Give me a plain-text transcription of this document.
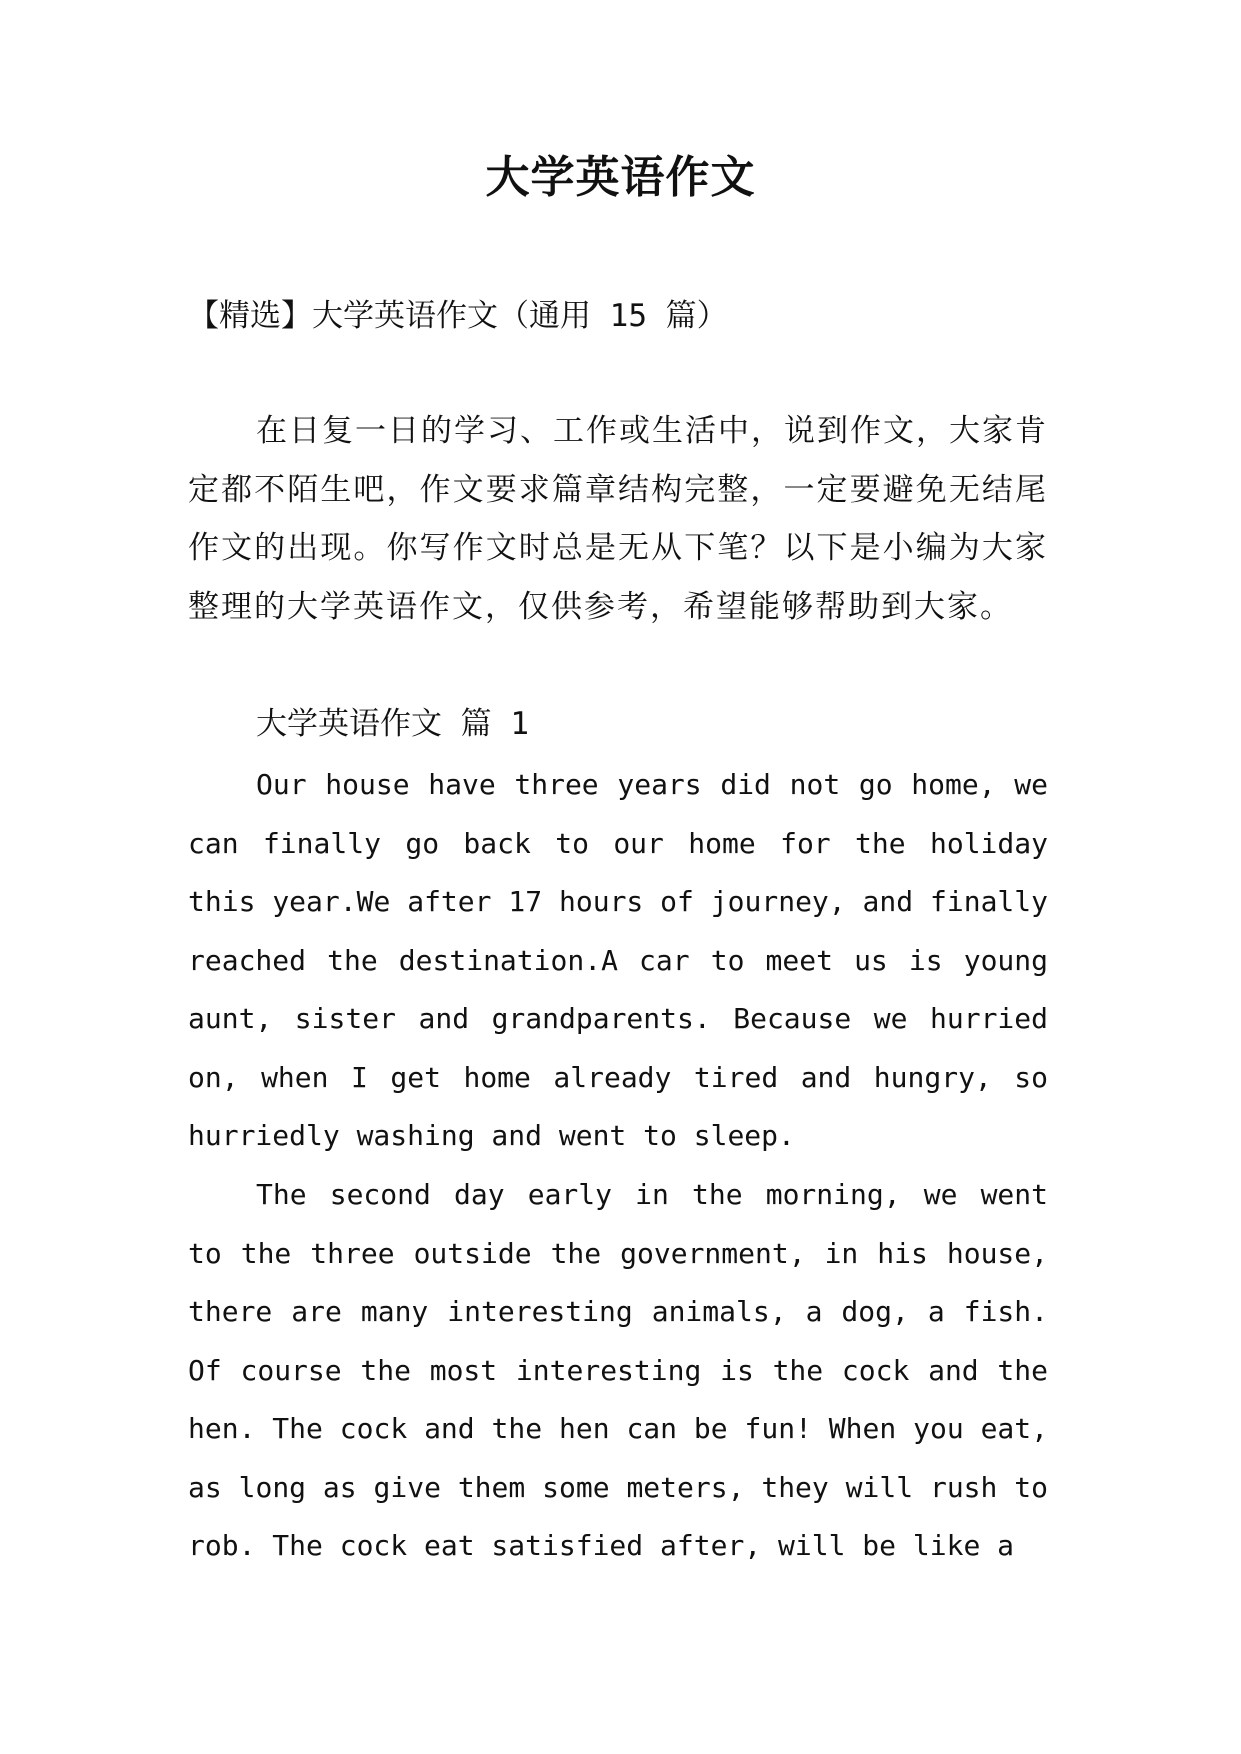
大学英语作文
【精选】大学英语作文（通用 15 篇）

在日复一日的学习、工作或生活中，说到作文，大家肯定都不陌生吧，作文要求篇章结构完整，一定要避免无结尾作文的出现。你写作文时总是无从下笔？以下是小编为大家整理的大学英语作文，仅供参考，希望能够帮助到大家。

大学英语作文 篇 1

Our house have three years did not go home, we can finally go back to our home for the holiday this year.We after 17 hours of journey, and finally reached the destination.A car to meet us is young aunt, sister and grandparents. Because we hurried on, when I get home already tired and hungry, so hurriedly washing and went to sleep.

The second day early in the morning, we went to the three outside the government, in his house, there are many interesting animals, a dog, a fish. Of course the most interesting is the cock and the hen. The cock and the hen can be fun! When you eat, as long as give them some meters, they will rush to rob. The cock eat satisfied after, will be like a
